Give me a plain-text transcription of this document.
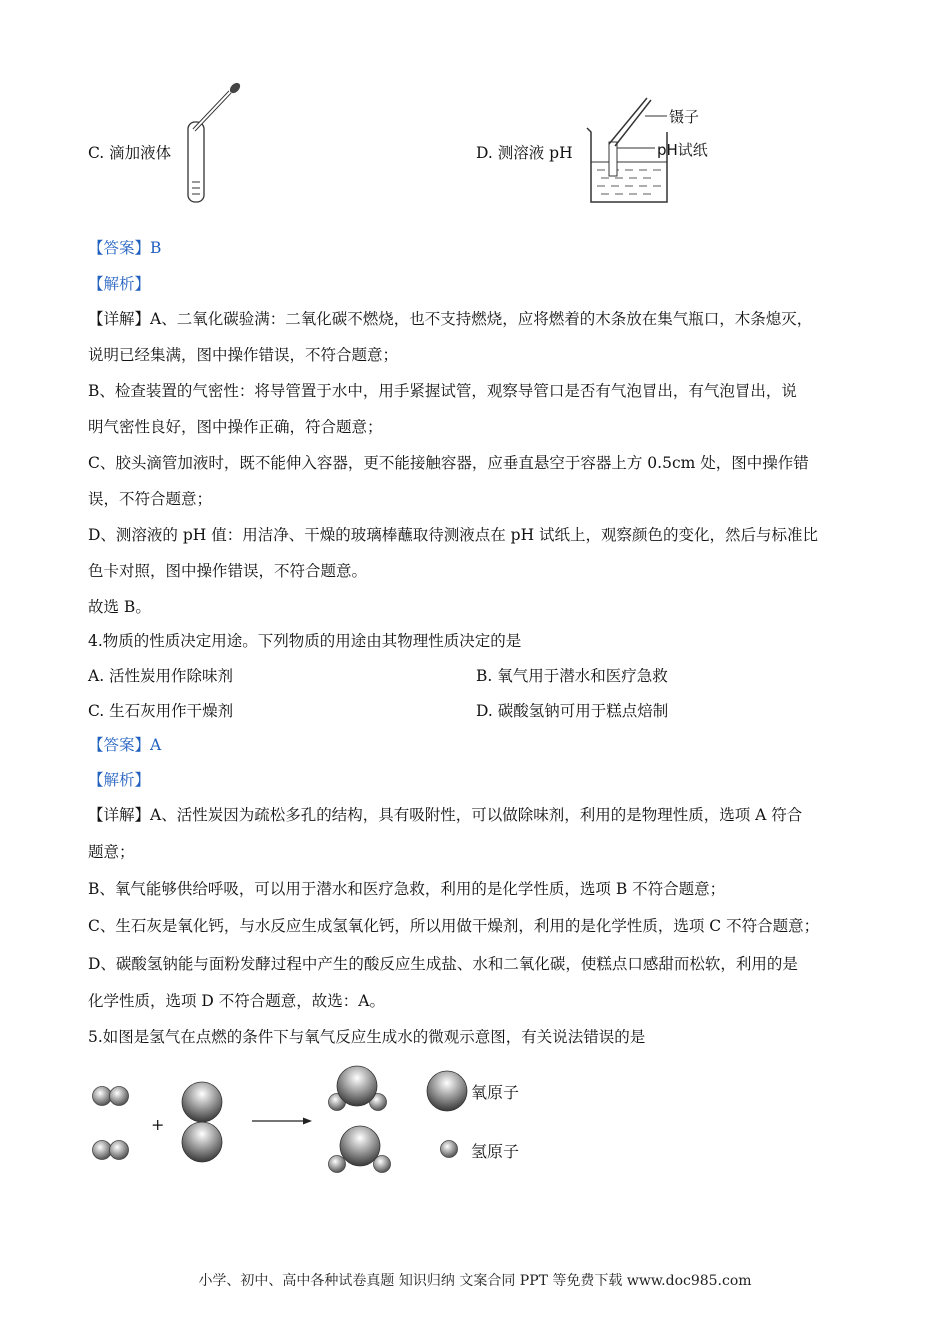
C. 滴加液体	D. 测溶液 pH
镊子
pH试纸
【答案】B
【解析】
【详解】A、二氧化碳验满：二氧化碳不燃烧，也不支持燃烧，应将燃着的木条放在集气瓶口，木条熄灭，
说明已经集满，图中操作错误，不符合题意；
B、检查装置的气密性：将导管置于水中，用手紧握试管，观察导管口是否有气泡冒出，有气泡冒出，说
明气密性良好，图中操作正确，符合题意；
C、胶头滴管加液时，既不能伸入容器，更不能接触容器，应垂直悬空于容器上方 0.5cm 处，图中操作错
误，不符合题意；
D、测溶液的 pH 值：用洁净、干燥的玻璃棒蘸取待测液点在 pH 试纸上，观察颜色的变化，然后与标准比
色卡对照，图中操作错误，不符合题意。
故选 B。
4.物质的性质决定用途。下列物质的用途由其物理性质决定的是
A. 活性炭用作除味剂	B. 氧气用于潜水和医疗急救
C. 生石灰用作干燥剂	D. 碳酸氢钠可用于糕点焙制
【答案】A
【解析】
【详解】A、活性炭因为疏松多孔的结构，具有吸附性，可以做除味剂，利用的是物理性质，选项 A 符合
题意；
B、氧气能够供给呼吸，可以用于潜水和医疗急救，利用的是化学性质，选项 B 不符合题意；
C、生石灰是氧化钙，与水反应生成氢氧化钙，所以用做干燥剂，利用的是化学性质，选项 C 不符合题意；
D、碳酸氢钠能与面粉发酵过程中产生的酸反应生成盐、水和二氧化碳，使糕点口感甜而松软，利用的是
化学性质，选项 D 不符合题意，故选：A。
5.如图是氢气在点燃的条件下与氧气反应生成水的微观示意图，有关说法错误的是
+
氧原子
氢原子
小学、初中、高中各种试卷真题 知识归纳 文案合同 PPT 等免费下载 www.doc985.com
